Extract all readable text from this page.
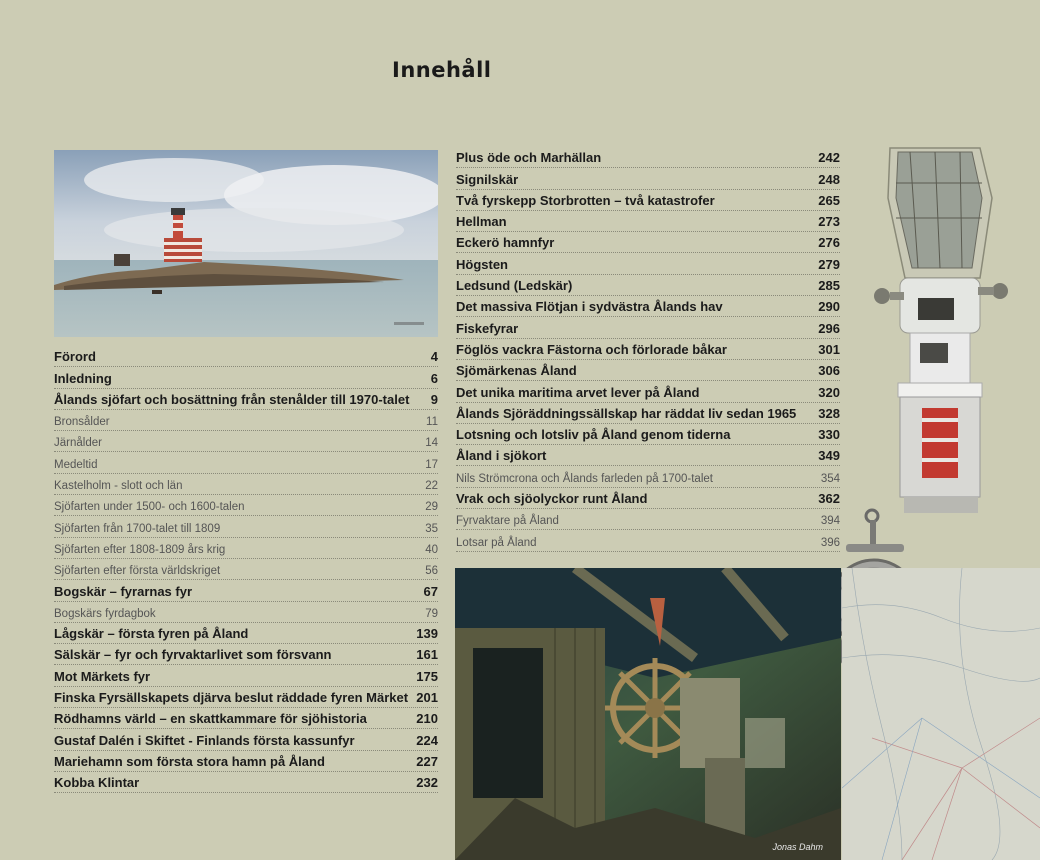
Innehåll
Förord	4
Inledning	6
Ålands sjöfart och bosättning från stenålder till 1970-talet 9
Bronsålder	11
Järnålder	14
Medeltid	17
Kastelholm - slott och län	22
Sjöfarten under 1500- och 1600-talen	29
Sjöfarten från 1700-talet till 1809	35
Sjöfarten efter 1808-1809 års krig	40
Sjöfarten efter första världskriget	56
Bogskär – fyrarnas fyr	67
Bogskärs fyrdagbok	79
Lågskär – första fyren på Åland	139
Sälskär – fyr och fyrvaktarlivet som försvann	161
Mot Märkets fyr	175
Finska Fyrsällskapets djärva beslut räddade fyren Märket 201
Rödhamns värld – en skattkammare för sjöhistoria	210
Gustaf Dalén i Skiftet - Finlands första kassunfyr	224
Mariehamn som första stora hamn på Åland	227
Kobba Klintar	232
Plus öde och Marhällan	242
Signilskär	248
Två fyrskepp Storbrotten – två katastrofer	265
Hellman	273
Eckerö hamnfyr	276
Högsten	279
Ledsund (Ledskär)	285
Det massiva Flötjan i sydvästra Ålands hav	290
Fiskefyrar	296
Föglös vackra Fästorna och förlorade båkar	301
Sjömärkenas Åland	306
Det unika maritima arvet lever på Åland	320
Ålands Sjöräddningssällskap har räddat liv sedan 1965 328
Lotsning och lotsliv på Åland genom tiderna	330
Åland i sjökort	349
Nils Strömcrona och Ålands farleden på 1700-talet	354
Vrak och sjöolyckor runt Åland	362
Fyrvaktare på Åland	394
Lotsar på Åland	396
Jonas Dahm
